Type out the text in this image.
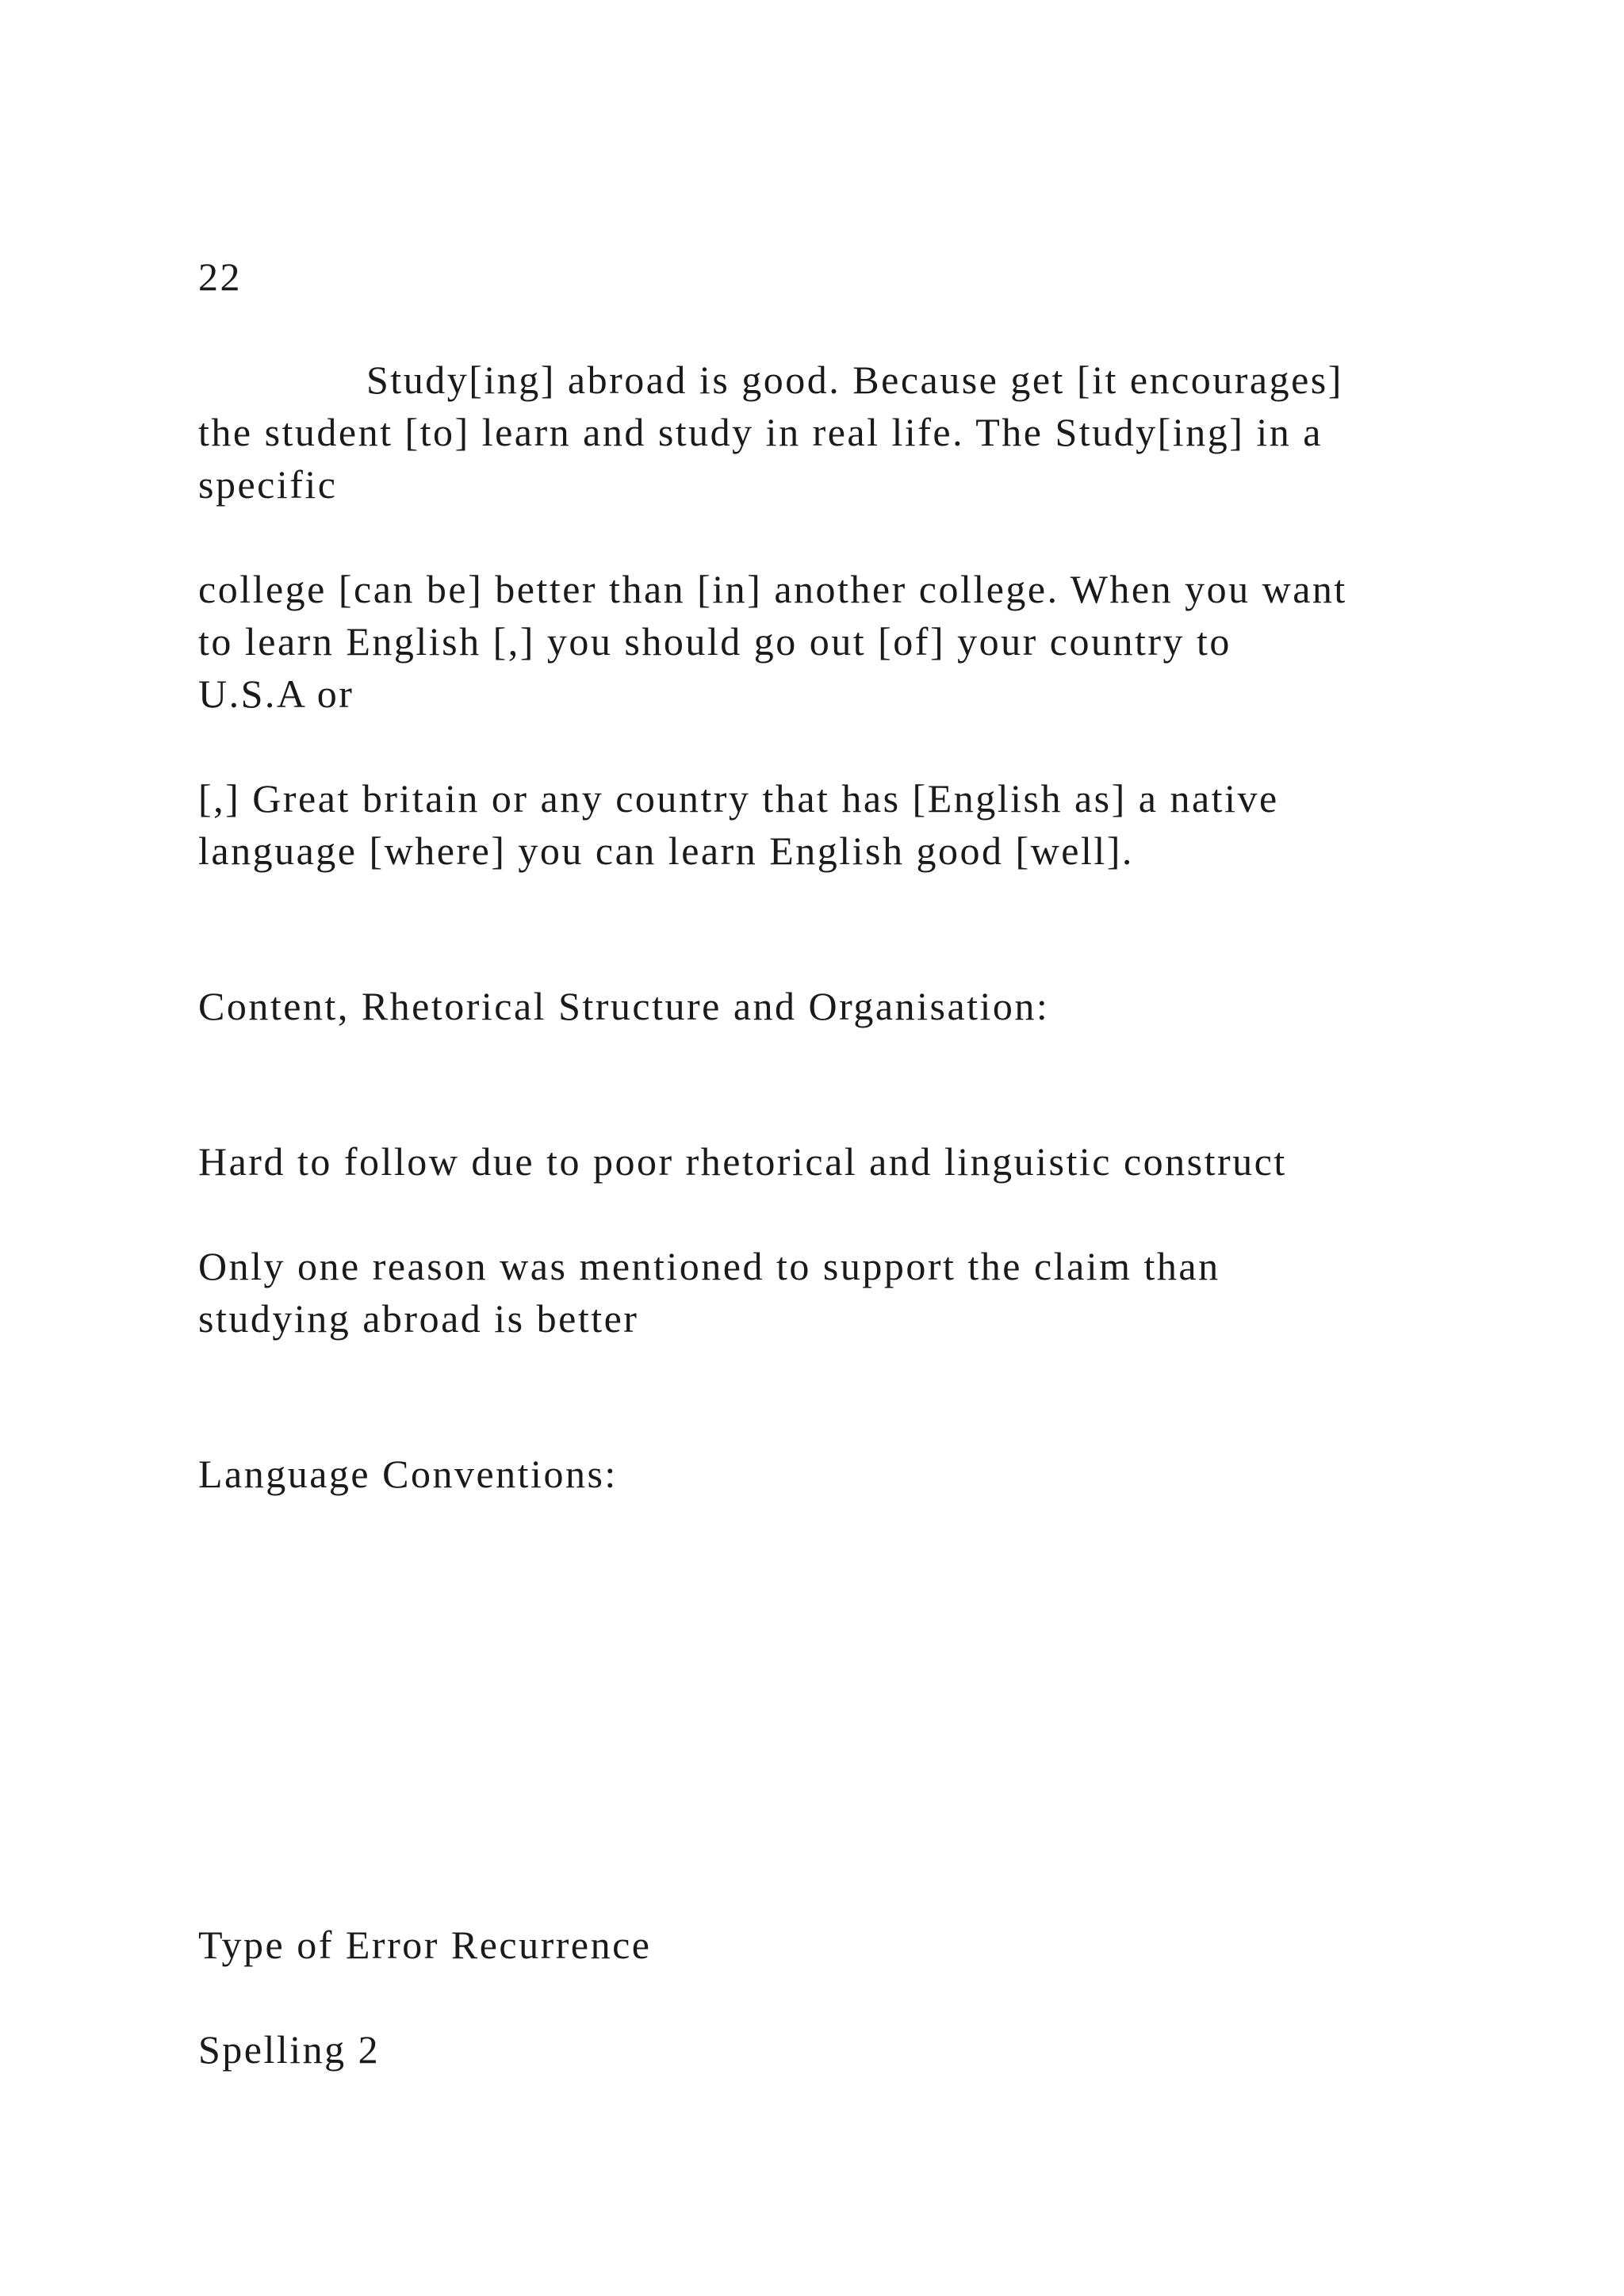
22

Study[ing] abroad is good. Because get [it encourages]

the student [to] learn and study in real life. The Study[ing] in a

specific

college [can be] better than [in] another college. When you want

to learn English [,] you should go out [of] your country to

U.S.A or

[,] Great britain or any country that has [English as] a native

language [where] you can learn English good [well].

Content, Rhetorical Structure and Organisation:

Hard to follow due to poor rhetorical and linguistic construct

Only one reason was mentioned to support the claim than

studying abroad is better

Language Conventions:

Type of Error Recurrence

Spelling 2
